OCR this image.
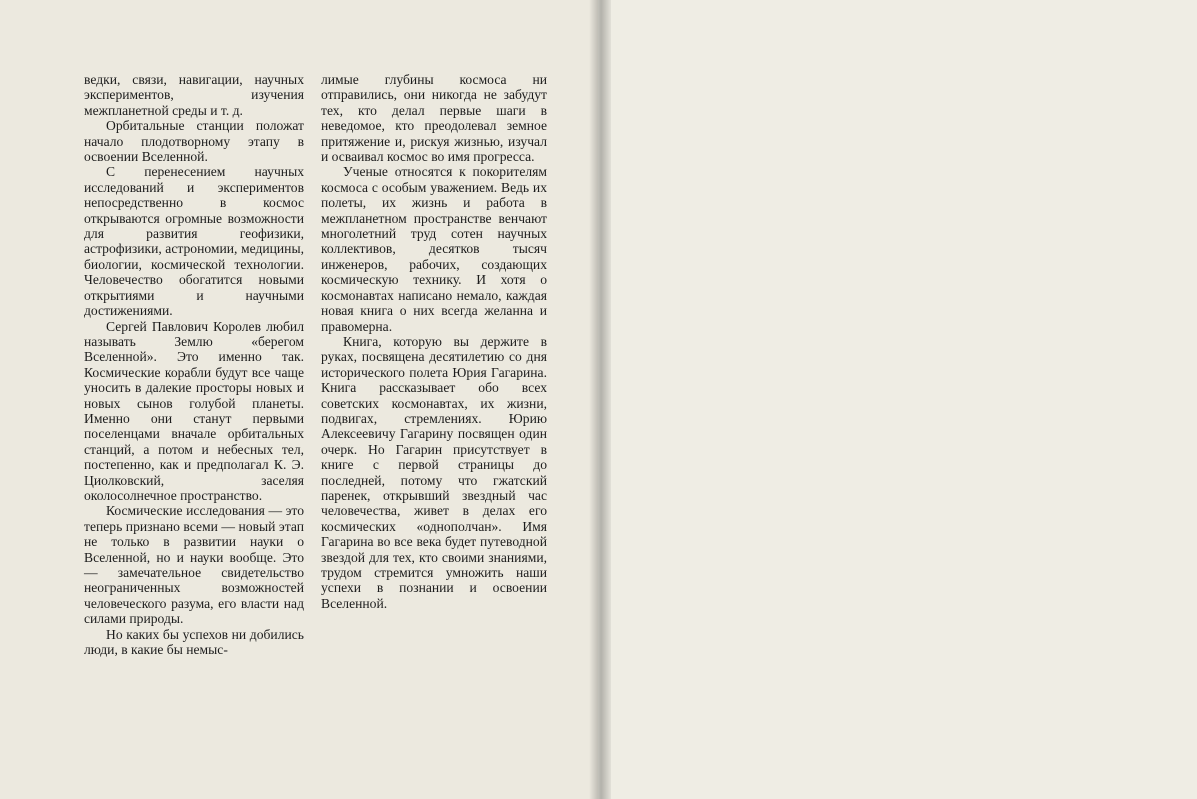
ведки, связи, навигации, научных экспериментов, изучения межпланетной среды и т. д.

Орбитальные станции положат начало плодотворному этапу в освоении Вселенной.

С перенесением научных исследований и экспериментов непосредственно в космос открываются огромные возможности для развития геофизики, астрофизики, астрономии, медицины, биологии, космической технологии. Человечество обогатится новыми открытиями и научными достижениями.

Сергей Павлович Королев любил называть Землю «берегом Вселенной». Это именно так. Космические корабли будут все чаще уносить в далекие просторы новых и новых сынов голубой планеты. Именно они станут первыми поселенцами вначале орбитальных станций, а потом и небесных тел, постепенно, как и предполагал К. Э. Циолковский, заселяя околосолнечное пространство.

Космические исследования — это теперь признано всеми — новый этап не только в развитии науки о Вселенной, но и науки вообще. Это — замечательное свидетельство неограниченных возможностей человеческого разума, его власти над силами природы.

Но каких бы успехов ни добились люди, в какие бы немыс-

лимые глубины космоса ни отправились, они никогда не забудут тех, кто делал первые шаги в неведомое, кто преодолевал земное притяжение и, рискуя жизнью, изучал и осваивал космос во имя прогресса.

Ученые относятся к покорителям космоса с особым уважением. Ведь их полеты, их жизнь и работа в межпланетном пространстве венчают многолетний труд сотен научных коллективов, десятков тысяч инженеров, рабочих, создающих космическую технику. И хотя о космонавтах написано немало, каждая новая книга о них всегда желанна и правомерна.

Книга, которую вы держите в руках, посвящена десятилетию со дня исторического полета Юрия Гагарина. Книга рассказывает обо всех советских космонавтах, их жизни, подвигах, стремлениях. Юрию Алексеевичу Гагарину посвящен один очерк. Но Гагарин присутствует в книге с первой страницы до последней, потому что гжатский паренек, открывший звездный час человечества, живет в делах его космических «однополчан». Имя Гагарина во все века будет путеводной звездой для тех, кто своими знаниями, трудом стремится умножить наши успехи в познании и освоении Вселенной.
